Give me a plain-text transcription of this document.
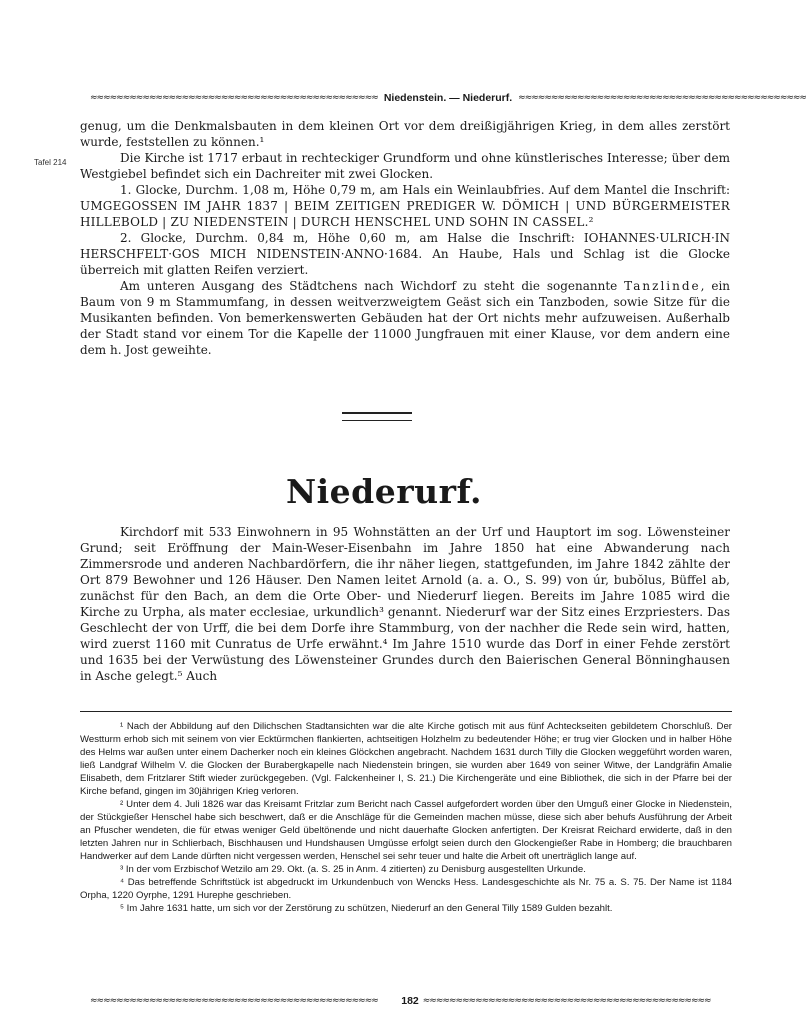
≈≈≈≈≈≈≈≈≈≈≈≈≈≈≈≈≈≈≈≈≈≈≈≈≈≈≈≈≈≈≈≈≈≈≈≈≈≈≈≈≈≈≈≈ Niedenstein. — Niederurf. ≈≈≈≈≈≈≈≈≈≈≈≈≈≈≈≈≈≈≈≈≈≈≈≈≈≈≈≈≈≈≈≈≈≈≈≈≈≈≈≈≈≈≈≈
Tafel 214

genug, um die Denkmalsbauten in dem kleinen Ort vor dem dreißigjährigen Krieg, in dem alles zerstört wurde, feststellen zu können.¹

Die Kirche ist 1717 erbaut in rechteckiger Grundform und ohne künstlerisches Interesse; über dem Westgiebel befindet sich ein Dachreiter mit zwei Glocken.

1. Glocke, Durchm. 1,08 m, Höhe 0,79 m, am Hals ein Weinlaubfries. Auf dem Mantel die Inschrift: UMGEGOSSEN IM JAHR 1837 | BEIM ZEITIGEN PREDIGER W. DÖMICH | UND BÜRGERMEISTER HILLEBOLD | ZU NIEDENSTEIN | DURCH HENSCHEL UND SOHN IN CASSEL.²

2. Glocke, Durchm. 0,84 m, Höhe 0,60 m, am Halse die Inschrift: IOHANNES·ULRICH·IN HERSCHFELT·GOS MICH NIDENSTEIN·ANNO·1684. An Haube, Hals und Schlag ist die Glocke überreich mit glatten Reifen verziert.

Am unteren Ausgang des Städtchens nach Wichdorf zu steht die sogenannte Tanzlinde, ein Baum von 9 m Stammumfang, in dessen weitverzweigtem Geäst sich ein Tanzboden, sowie Sitze für die Musikanten befinden. Von bemerkenswerten Gebäuden hat der Ort nichts mehr aufzuweisen. Außerhalb der Stadt stand vor einem Tor die Kapelle der 11000 Jungfrauen mit einer Klause, vor dem andern eine dem h. Jost geweihte.

Niederurf.

Kirchdorf mit 533 Einwohnern in 95 Wohnstätten an der Urf und Hauptort im sog. Löwensteiner Grund; seit Eröffnung der Main-Weser-Eisenbahn im Jahre 1850 hat eine Abwanderung nach Zimmersrode und anderen Nachbardörfern, die ihr näher liegen, stattgefunden, im Jahre 1842 zählte der Ort 879 Bewohner und 126 Häuser. Den Namen leitet Arnold (a. a. O., S. 99) von úr, bubŏlus, Büffel ab, zunächst für den Bach, an dem die Orte Ober- und Niederurf liegen. Bereits im Jahre 1085 wird die Kirche zu Urpha, als mater ecclesiae, urkundlich³ genannt. Niederurf war der Sitz eines Erzpriesters. Das Geschlecht der von Urff, die bei dem Dorfe ihre Stammburg, von der nachher die Rede sein wird, hatten, wird zuerst 1160 mit Cunratus de Urfe erwähnt.⁴ Im Jahre 1510 wurde das Dorf in einer Fehde zerstört und 1635 bei der Verwüstung des Löwensteiner Grundes durch den Baierischen General Bönninghausen in Asche gelegt.⁵ Auch

¹ Nach der Abbildung auf den Dilichschen Stadtansichten war die alte Kirche gotisch mit aus fünf Achteckseiten gebildetem Chorschluß. Der Westturm erhob sich mit seinem von vier Ecktürmchen flankierten, achtseitigen Holzhelm zu bedeutender Höhe; er trug vier Glocken und in halber Höhe des Helms war außen unter einem Dacherker noch ein kleines Glöckchen angebracht. Nachdem 1631 durch Tilly die Glocken weggeführt worden waren, ließ Landgraf Wilhelm V. die Glocken der Burabergkapelle nach Niedenstein bringen, sie wurden aber 1649 von seiner Witwe, der Landgräfin Amalie Elisabeth, dem Fritzlarer Stift wieder zurückgegeben. (Vgl. Falckenheiner I, S. 21.) Die Kirchengeräte und eine Bibliothek, die sich in der Pfarre bei der Kirche befand, gingen im 30jährigen Krieg verloren.

² Unter dem 4. Juli 1826 war das Kreisamt Fritzlar zum Bericht nach Cassel aufgefordert worden über den Umguß einer Glocke in Niedenstein, der Stückgießer Henschel habe sich beschwert, daß er die Anschläge für die Gemeinden machen müsse, diese sich aber behufs Ausführung der Arbeit an Pfuscher wendeten, die für etwas weniger Geld übeltönende und nicht dauerhafte Glocken anfertigten. Der Kreisrat Reichard erwiderte, daß in den letzten Jahren nur in Schlierbach, Bischhausen und Hundshausen Umgüsse erfolgt seien durch den Glockengießer Rabe in Homberg; die brauchbaren Handwerker auf dem Lande dürften nicht vergessen werden, Henschel sei sehr teuer und halte die Arbeit oft unerträglich lange auf.

³ In der vom Erzbischof Wetzilo am 29. Okt. (a. S. 25 in Anm. 4 zitierten) zu Denisburg ausgestellten Urkunde.

⁴ Das betreffende Schriftstück ist abgedruckt im Urkundenbuch von Wencks Hess. Landesgeschichte als Nr. 75 a. S. 75. Der Name ist 1184 Orpha, 1220 Oyrphe, 1291 Hurephe geschrieben.

⁵ Im Jahre 1631 hatte, um sich vor der Zerstörung zu schützen, Niederurf an den General Tilly 1589 Gulden bezahlt.

≈≈≈≈≈≈≈≈≈≈≈≈≈≈≈≈≈≈≈≈≈≈≈≈≈≈≈≈≈≈≈≈≈≈≈≈≈≈≈≈≈≈≈≈	182 ≈≈≈≈≈≈≈≈≈≈≈≈≈≈≈≈≈≈≈≈≈≈≈≈≈≈≈≈≈≈≈≈≈≈≈≈≈≈≈≈≈≈≈≈
